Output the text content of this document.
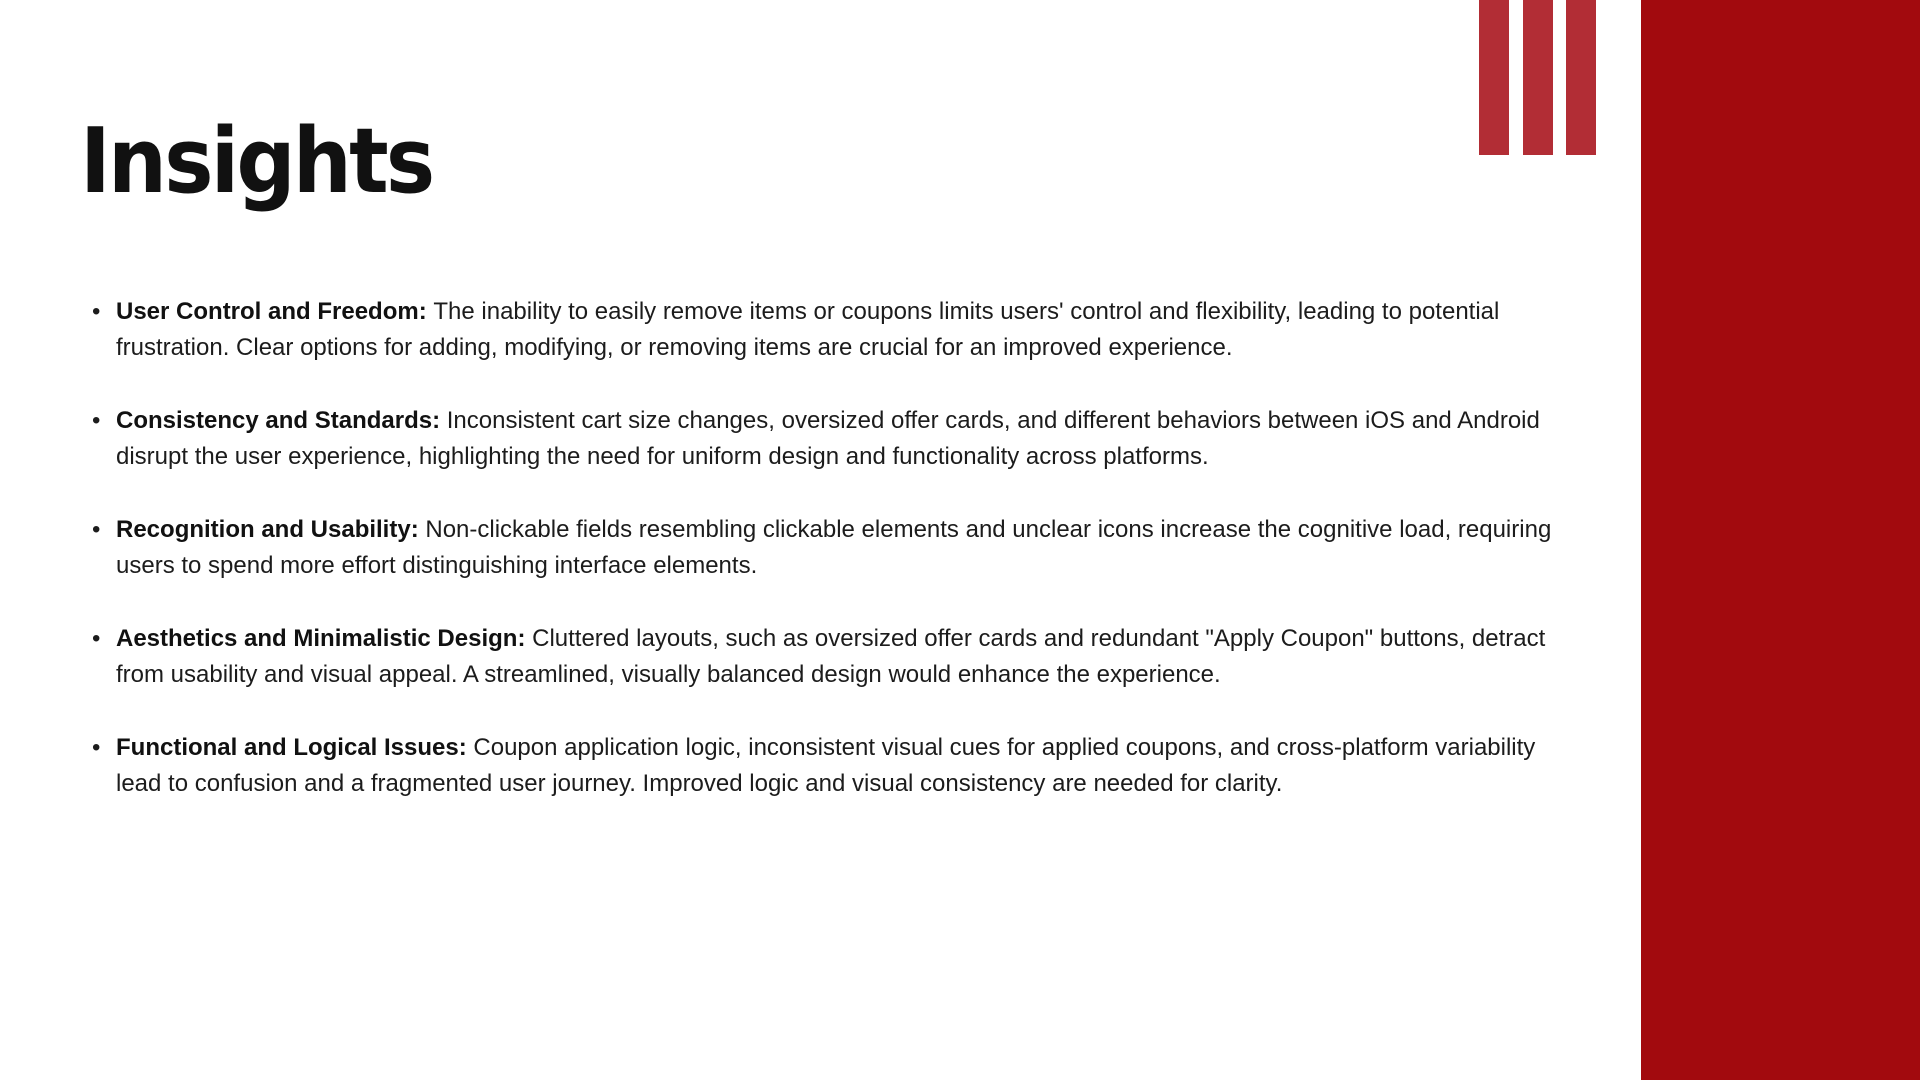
Insights
• User Control and Freedom: The inability to easily remove items or coupons limits users' control and flexibility, leading to potential frustration. Clear options for adding, modifying, or removing items are crucial for an improved experience.
• Consistency and Standards: Inconsistent cart size changes, oversized offer cards, and different behaviors between iOS and Android disrupt the user experience, highlighting the need for uniform design and functionality across platforms.
• Recognition and Usability: Non-clickable fields resembling clickable elements and unclear icons increase the cognitive load, requiring users to spend more effort distinguishing interface elements.
• Aesthetics and Minimalistic Design: Cluttered layouts, such as oversized offer cards and redundant "Apply Coupon" buttons, detract from usability and visual appeal. A streamlined, visually balanced design would enhance the experience.
• Functional and Logical Issues: Coupon application logic, inconsistent visual cues for applied coupons, and cross-platform variability lead to confusion and a fragmented user journey. Improved logic and visual consistency are needed for clarity.
